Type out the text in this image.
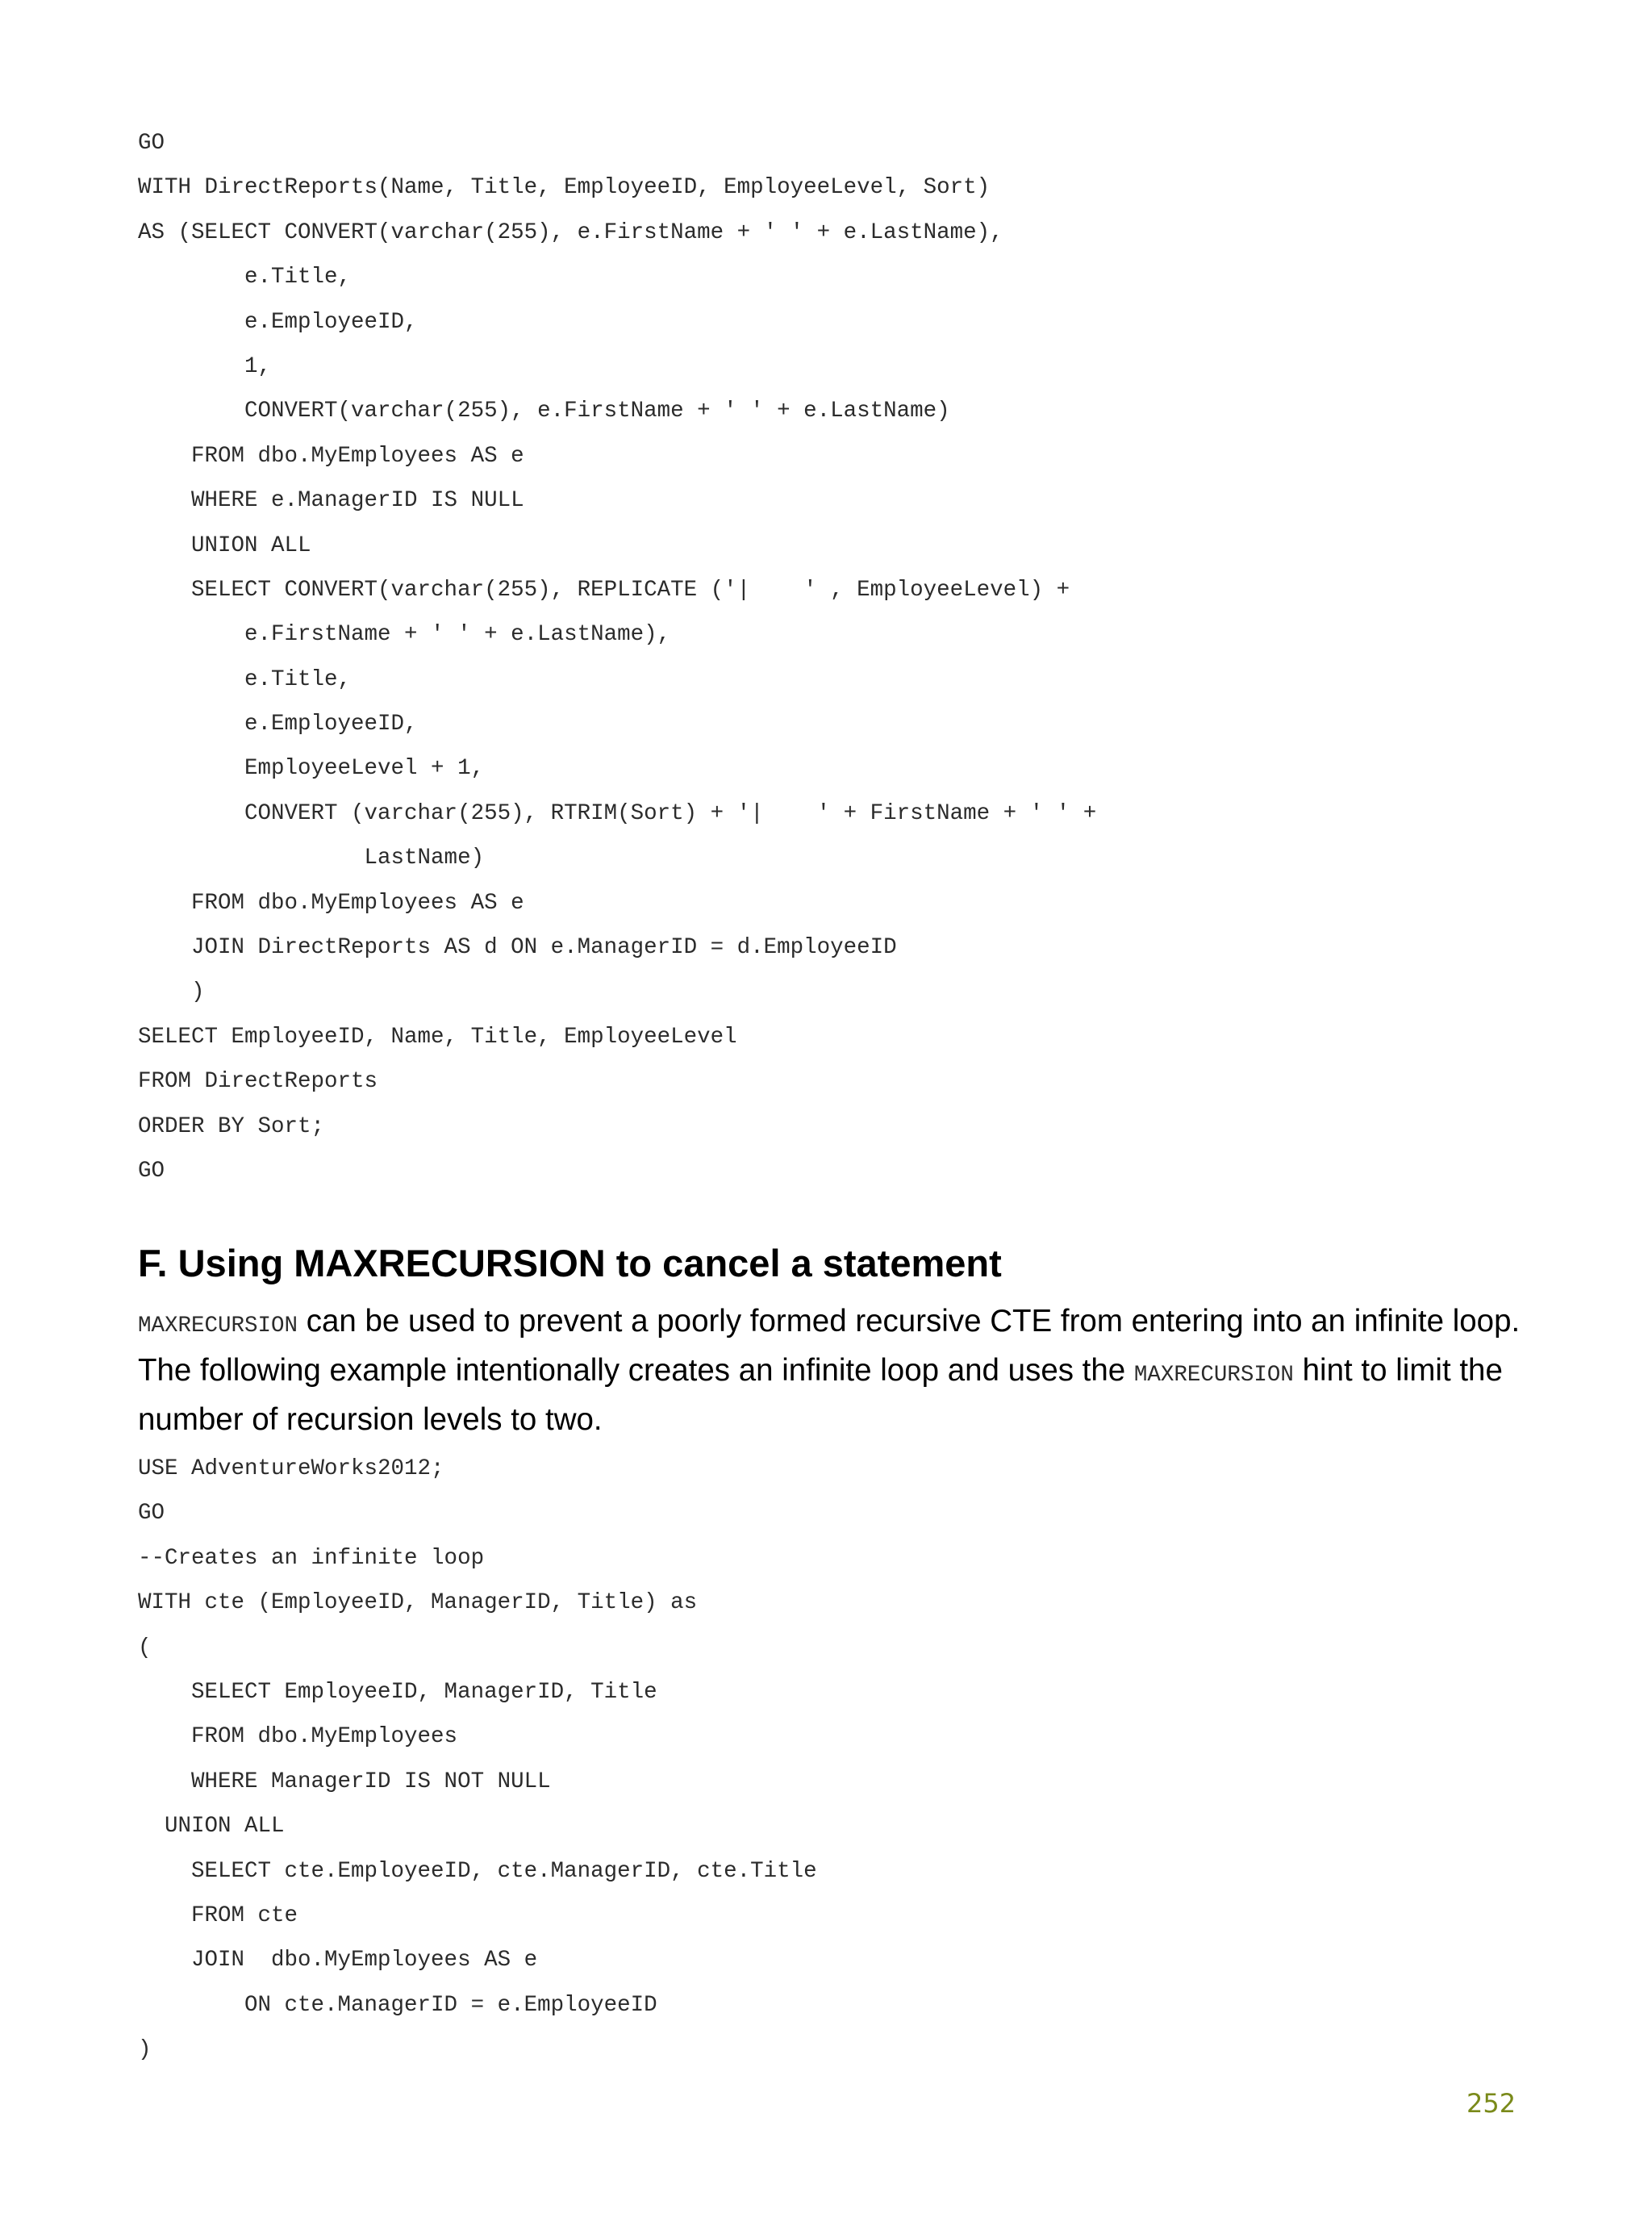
GO
WITH DirectReports(Name, Title, EmployeeID, EmployeeLevel, Sort)
AS (SELECT CONVERT(varchar(255), e.FirstName + ' ' + e.LastName),
e.Title,
e.EmployeeID,
1,
CONVERT(varchar(255), e.FirstName + ' ' + e.LastName)
FROM dbo.MyEmployees AS e
WHERE e.ManagerID IS NULL
UNION ALL
SELECT CONVERT(varchar(255), REPLICATE ('|    ' , EmployeeLevel) +
e.FirstName + ' ' + e.LastName),
e.Title,
e.EmployeeID,
EmployeeLevel + 1,
CONVERT (varchar(255), RTRIM(Sort) + '|    ' + FirstName + ' ' +
LastName)
FROM dbo.MyEmployees AS e
JOIN DirectReports AS d ON e.ManagerID = d.EmployeeID
)
SELECT EmployeeID, Name, Title, EmployeeLevel
FROM DirectReports
ORDER BY Sort;
GO
F. Using MAXRECURSION to cancel a statement

MAXRECURSION can be used to prevent a poorly formed recursive CTE from entering into an infinite loop. The following example intentionally creates an infinite loop and uses the MAXRECURSION hint to limit the number of recursion levels to two.

USE AdventureWorks2012;
GO
--Creates an infinite loop
WITH cte (EmployeeID, ManagerID, Title) as
(
SELECT EmployeeID, ManagerID, Title
FROM dbo.MyEmployees
WHERE ManagerID IS NOT NULL
UNION ALL
SELECT cte.EmployeeID, cte.ManagerID, cte.Title
FROM cte
JOIN  dbo.MyEmployees AS e
ON cte.ManagerID = e.EmployeeID
)
252
